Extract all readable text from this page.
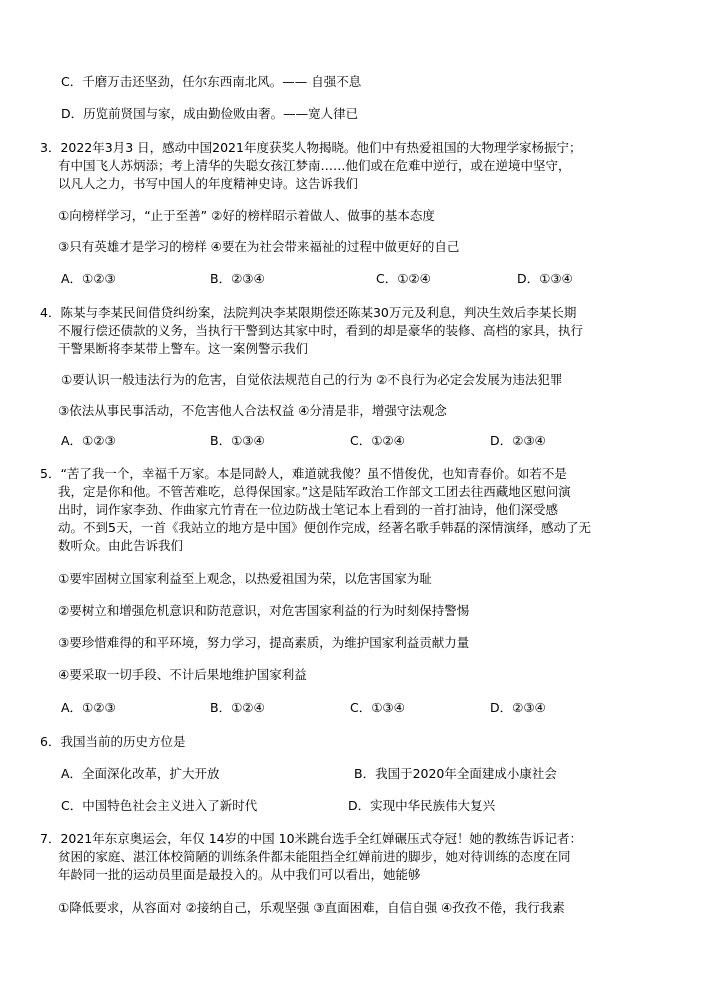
C．千磨万击还坚劲，任尔东西南北风。—— 自强不息
D．历览前贤国与家，成由勤俭败由奢。——宽人律已
3．2022年3月3 日，感动中国2021年度获奖人物揭晓。他们中有热爱祖国的大物理学家杨振宁；
有中国飞人苏炳添；考上清华的失聪女孩江梦南……他们或在危难中逆行，或在逆境中坚守，
以凡人之力，书写中国人的年度精神史诗。这告诉我们
①向榜样学习，“止于至善” ②好的榜样昭示着做人、做事的基本态度
③只有英雄才是学习的榜样 ④要在为社会带来福祉的过程中做更好的自己
A．①②③	B．②③④	C．①②④	D．①③④
4．陈某与李某民间借贷纠纷案，法院判决李某限期偿还陈某30万元及利息，判决生效后李某长期
不履行偿还债款的义务，当执行干警到达其家中时，看到的却是豪华的装修、高档的家具，执行
干警果断将李某带上警车。这一案例警示我们
①要认识一般违法行为的危害，自觉依法规范自己的行为 ②不良行为必定会发展为违法犯罪
③依法从事民事活动，不危害他人合法权益 ④分清是非，增强守法观念
A．①②③	B．①③④	C．①②④	D．②③④
5．“苦了我一个，幸福千万家。本是同龄人，难道就我傻？虽不惜俊优，也知青春价。如若不是
我，定是你和他。不管苦难吃，总得保国家。”这是陆军政治工作部文工团去往西藏地区慰问演
出时，词作家李劲、作曲家亢竹青在一位边防战士笔记本上看到的一首打油诗，他们深受感
动。不到5天，一首《我站立的地方是中国》便创作完成，经著名歌手韩磊的深情演绎，感动了无
数听众。由此告诉我们
①要牢固树立国家利益至上观念，以热爱祖国为荣，以危害国家为耻
②要树立和增强危机意识和防范意识，对危害国家利益的行为时刻保持警惕
③要珍惜难得的和平环境，努力学习，提高素质，为维护国家利益贡献力量
④要采取一切手段、不计后果地维护国家利益
A．①②③	B．①②④	C．①③④	D．②③④
6．我国当前的历史方位是
A．全面深化改革，扩大开放	B．我国于2020年全面建成小康社会
C．中国特色社会主义进入了新时代	D．实现中华民族伟大复兴
7．2021年东京奥运会，年仅 14岁的中国 10米跳台选手全红婵碾压式夺冠！她的教练告诉记者：
贫困的家庭、湛江体校简陋的训练条件都未能阻挡全红婵前进的脚步，她对待训练的态度在同
年龄同一批的运动员里面是最投入的。从中我们可以看出，她能够
①降低要求，从容面对 ②接纳自己，乐观坚强 ③直面困难，自信自强 ④孜孜不倦，我行我素
